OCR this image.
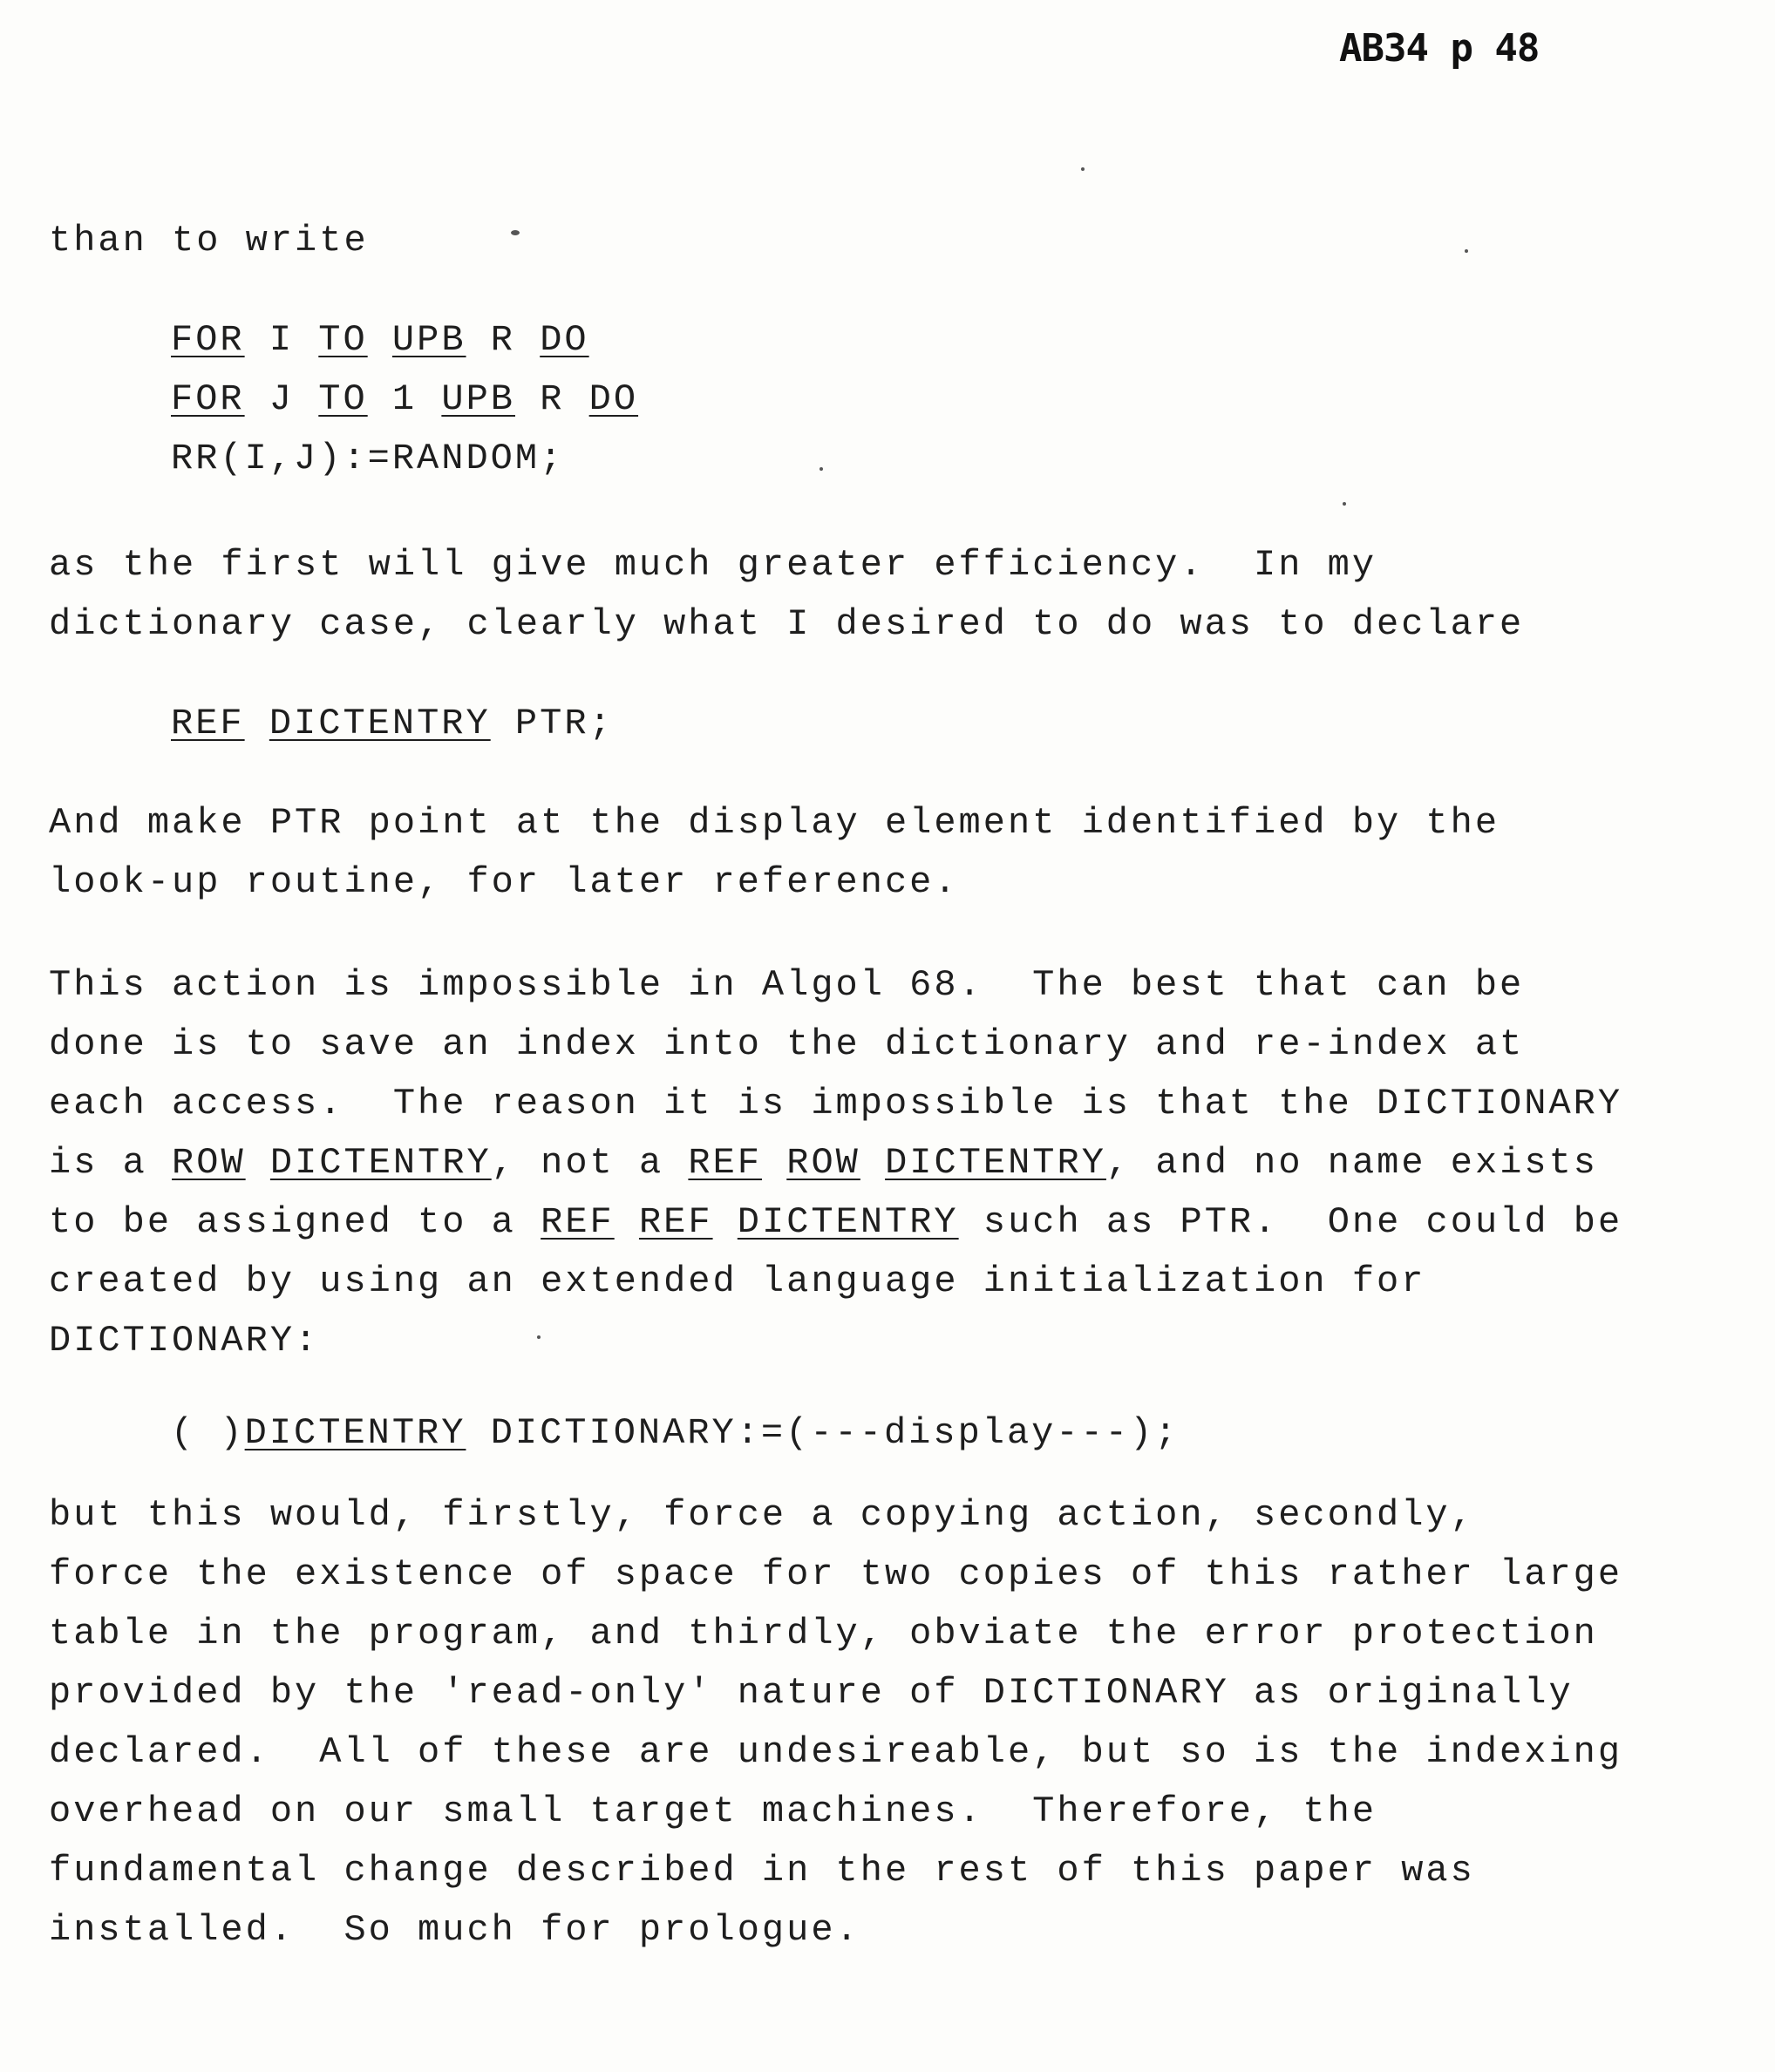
AB34 p 48
than to write
FOR I TO UPB R DO
FOR J TO 1 UPB R DO
RR(I,J):=RANDOM;
as the first will give much greater efficiency.  In my
dictionary case, clearly what I desired to do was to declare
REF DICTENTRY PTR;
And make PTR point at the display element identified by the
look-up routine, for later reference.
This action is impossible in Algol 68.  The best that can be
done is to save an index into the dictionary and re-index at
each access.  The reason it is impossible is that the DICTIONARY
is a ROW DICTENTRY, not a REF ROW DICTENTRY, and no name exists
to be assigned to a REF REF DICTENTRY such as PTR.  One could be
created by using an extended language initialization for
DICTIONARY:
( )DICTENTRY DICTIONARY:=(---display---);
but this would, firstly, force a copying action, secondly,
force the existence of space for two copies of this rather large
table in the program, and thirdly, obviate the error protection
provided by the 'read-only' nature of DICTIONARY as originally
declared.  All of these are undesireable, but so is the indexing
overhead on our small target machines.  Therefore, the
fundamental change described in the rest of this paper was
installed.  So much for prologue.
